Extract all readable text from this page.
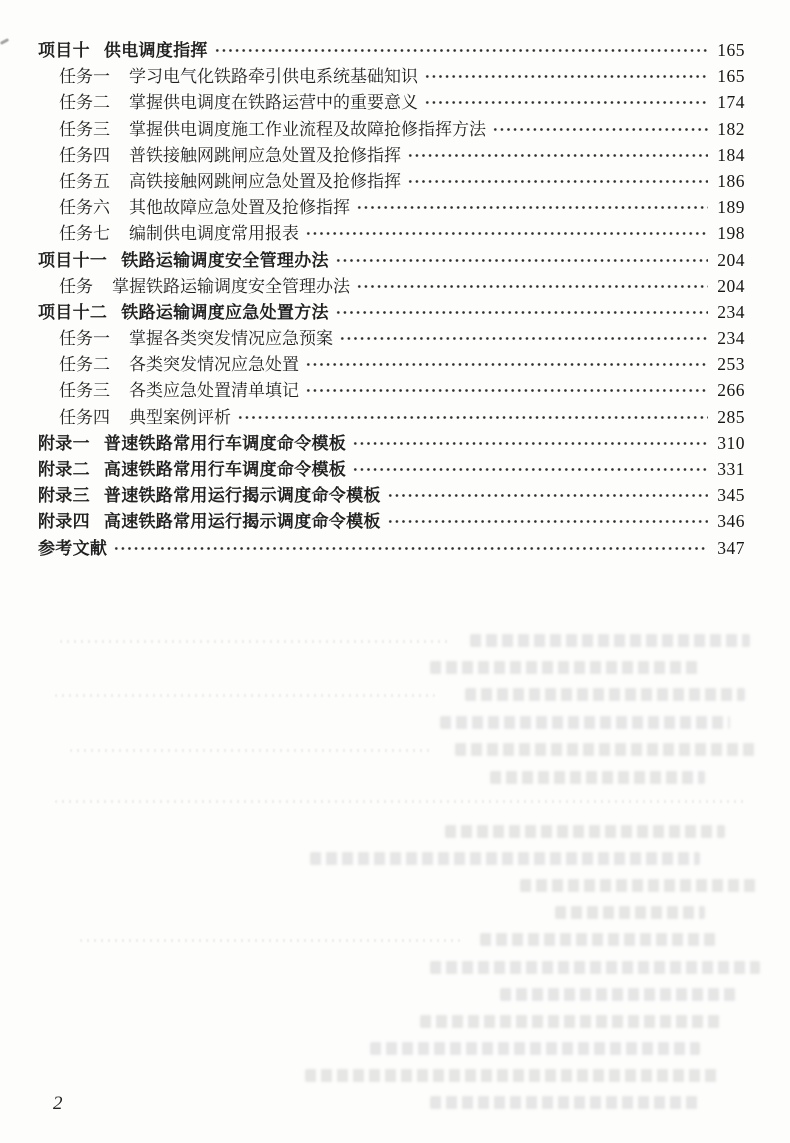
项目十 供电调度指挥	165
任务一 学习电气化铁路牵引供电系统基础知识	165
任务二 掌握供电调度在铁路运营中的重要意义	174
任务三 掌握供电调度施工作业流程及故障抢修指挥方法	182
任务四 普铁接触网跳闸应急处置及抢修指挥	184
任务五 高铁接触网跳闸应急处置及抢修指挥	186
任务六 其他故障应急处置及抢修指挥	189
任务七 编制供电调度常用报表	198
项目十一 铁路运输调度安全管理办法	204
任务 掌握铁路运输调度安全管理办法	204
项目十二 铁路运输调度应急处置方法	234
任务一 掌握各类突发情况应急预案	234
任务二 各类突发情况应急处置	253
任务三 各类应急处置清单填记	266
任务四 典型案例评析	285
附录一 普速铁路常用行车调度命令模板	310
附录二 高速铁路常用行车调度命令模板	331
附录三 普速铁路常用运行揭示调度命令模板	345
附录四 高速铁路常用运行揭示调度命令模板	346
参考文献	347
2
